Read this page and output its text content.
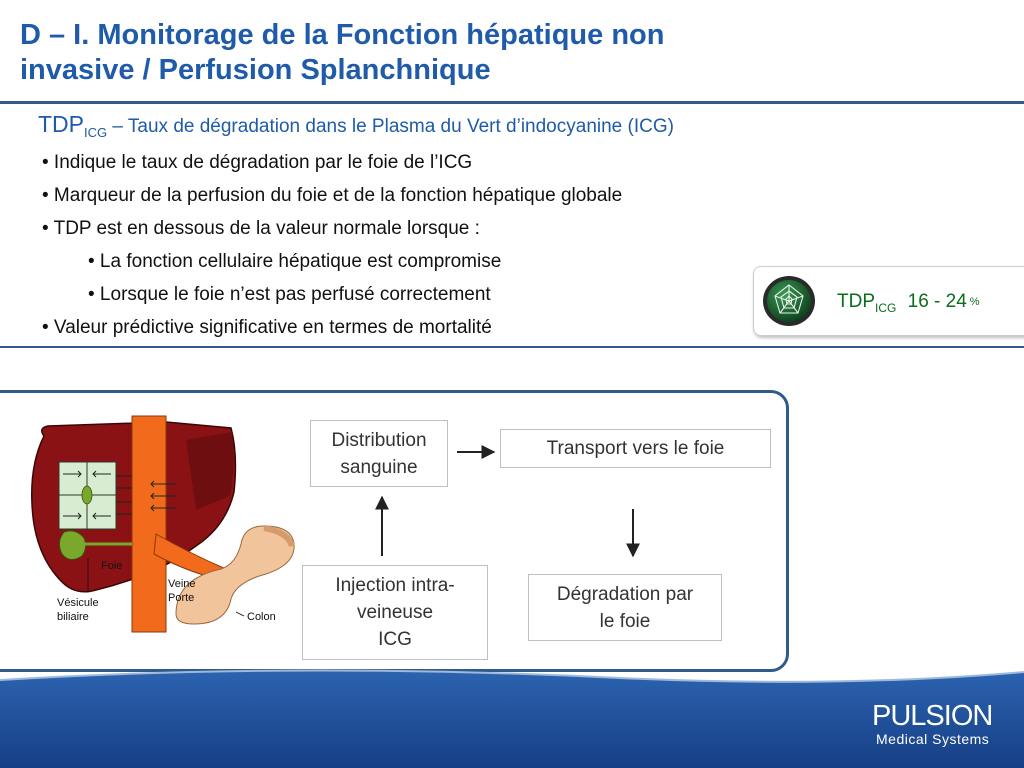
D – I. Monitorage de la Fonction hépatique non
invasive / Perfusion Splanchnique
$TDP_{ICG}$ – Taux de dégradation dans le Plasma du Vert d’indocyanine (ICG)
• Indique le taux de dégradation par le foie de l’ICG
• Marqueur de la perfusion du foie et de la fonction hépatique globale
• TDP est en dessous de la valeur normale lorsque :
• La fonction cellulaire hépatique est compromise
• Lorsque le foie n’est pas perfusé correctement
• Valeur prédictive significative en termes de mortalité
$TDP_{ICG}$ 16 - 24 %
Foie
Veine
Porte
Vésicule
biliaire	Colon
Distribution
sanguine
Transport vers le foie
Injection intra-
veineuse
ICG
Dégradation par
le foie
PULSION
Medical Systems
